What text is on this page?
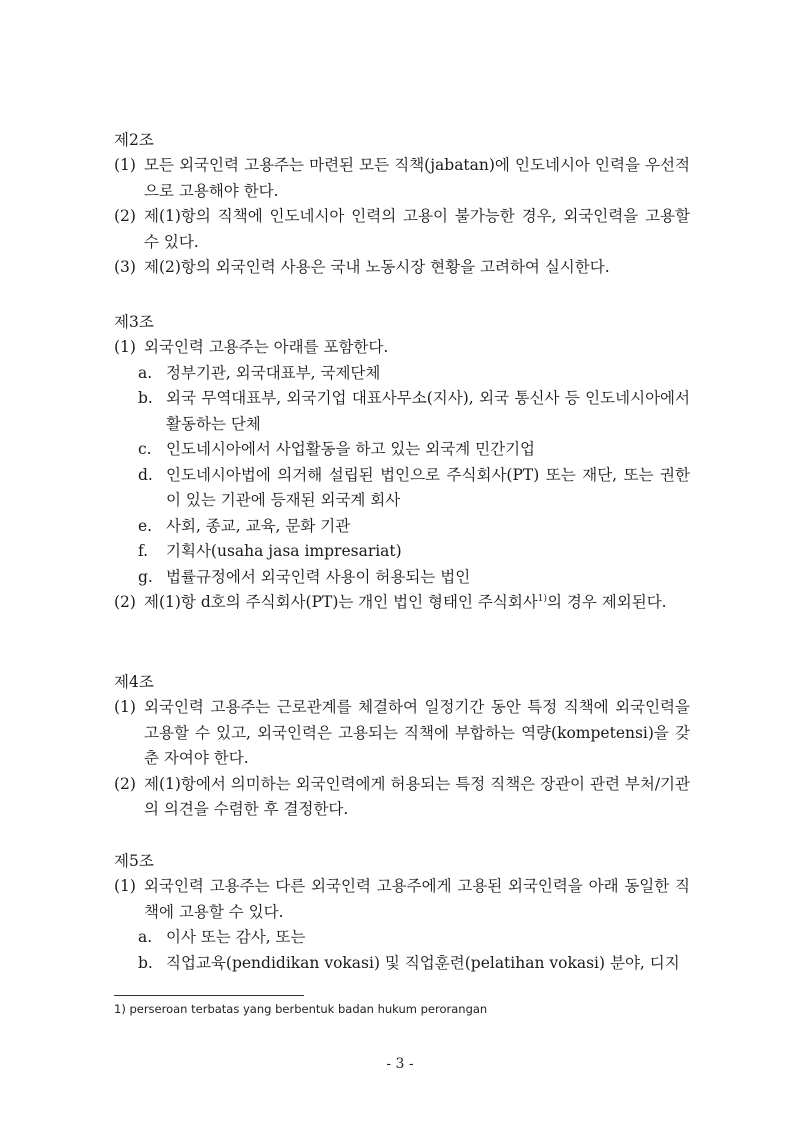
제2조
(1) 모든 외국인력 고용주는 마련된 모든 직책(jabatan)에 인도네시아 인력을 우선적으로 고용해야 한다.
(2) 제(1)항의 직책에 인도네시아 인력의 고용이 불가능한 경우, 외국인력을 고용할 수 있다.
(3) 제(2)항의 외국인력 사용은 국내 노동시장 현황을 고려하여 실시한다.
제3조
(1) 외국인력 고용주는 아래를 포함한다.
a. 정부기관, 외국대표부, 국제단체
b. 외국 무역대표부, 외국기업 대표사무소(지사), 외국 통신사 등 인도네시아에서 활동하는 단체
c. 인도네시아에서 사업활동을 하고 있는 외국계 민간기업
d. 인도네시아법에 의거해 설립된 법인으로 주식회사(PT) 또는 재단, 또는 권한이 있는 기관에 등재된 외국계 회사
e. 사회, 종교, 교육, 문화 기관
f.	기획사(usaha jasa impresariat)
g. 법률규정에서 외국인력 사용이 허용되는 법인
(2) 제(1)항 d호의 주식회사(PT)는 개인 법인 형태인 주식회사$^{1)}$의 경우 제외된다.
제4조
(1) 외국인력 고용주는 근로관계를 체결하여 일정기간 동안 특정 직책에 외국인력을 고용할 수 있고, 외국인력은 고용되는 직책에 부합하는 역량(kompetensi)을 갖춘 자여야 한다.
(2) 제(1)항에서 의미하는 외국인력에게 허용되는 특정 직책은 장관이 관련 부처/기관의 의견을 수렴한 후 결정한다.
제5조
(1) 외국인력 고용주는 다른 외국인력 고용주에게 고용된 외국인력을 아래 동일한 직책에 고용할 수 있다.
a. 이사 또는 감사, 또는
b. 직업교육(pendidikan vokasi) 및 직업훈련(pelatihan vokasi) 분야, 디지
1) perseroan terbatas yang berbentuk badan hukum perorangan
- 3 -
